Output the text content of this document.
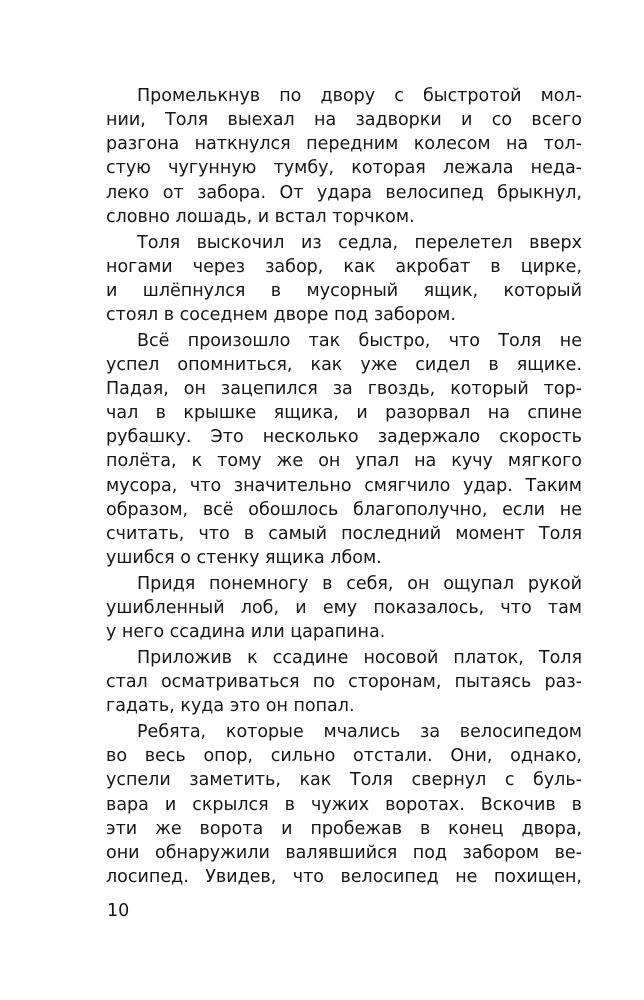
Промелькнув по двору с быстротой мол-
нии, Толя выехал на задворки и со всего
разгона наткнулся передним колесом на тол-
стую чугунную тумбу, которая лежала неда-
леко от забора. От удара велосипед брыкнул,
словно лошадь, и встал торчком.
Толя выскочил из седла, перелетел вверх
ногами через забор, как акробат в цирке,
и шлёпнулся в мусорный ящик, который
стоял в соседнем дворе под забором.
Всё произошло так быстро, что Толя не
успел опомниться, как уже сидел в ящике.
Падая, он зацепился за гвоздь, который тор-
чал в крышке ящика, и разорвал на спине
рубашку. Это несколько задержало скорость
полёта, к тому же он упал на кучу мягкого
мусора, что значительно смягчило удар. Таким
образом, всё обошлось благополучно, если не
считать, что в самый последний момент Толя
ушибся о стенку ящика лбом.
Придя понемногу в себя, он ощупал рукой
ушибленный лоб, и ему показалось, что там
у него ссадина или царапина.
Приложив к ссадине носовой платок, Толя
стал осматриваться по сторонам, пытаясь раз-
гадать, куда это он попал.
Ребята, которые мчались за велосипедом
во весь опор, сильно отстали. Они, однако,
успели заметить, как Толя свернул с буль-
вара и скрылся в чужих воротах. Вскочив в
эти же ворота и пробежав в конец двора,
они обнаружили валявшийся под забором ве-
лосипед. Увидев, что велосипед не похищен,
10
